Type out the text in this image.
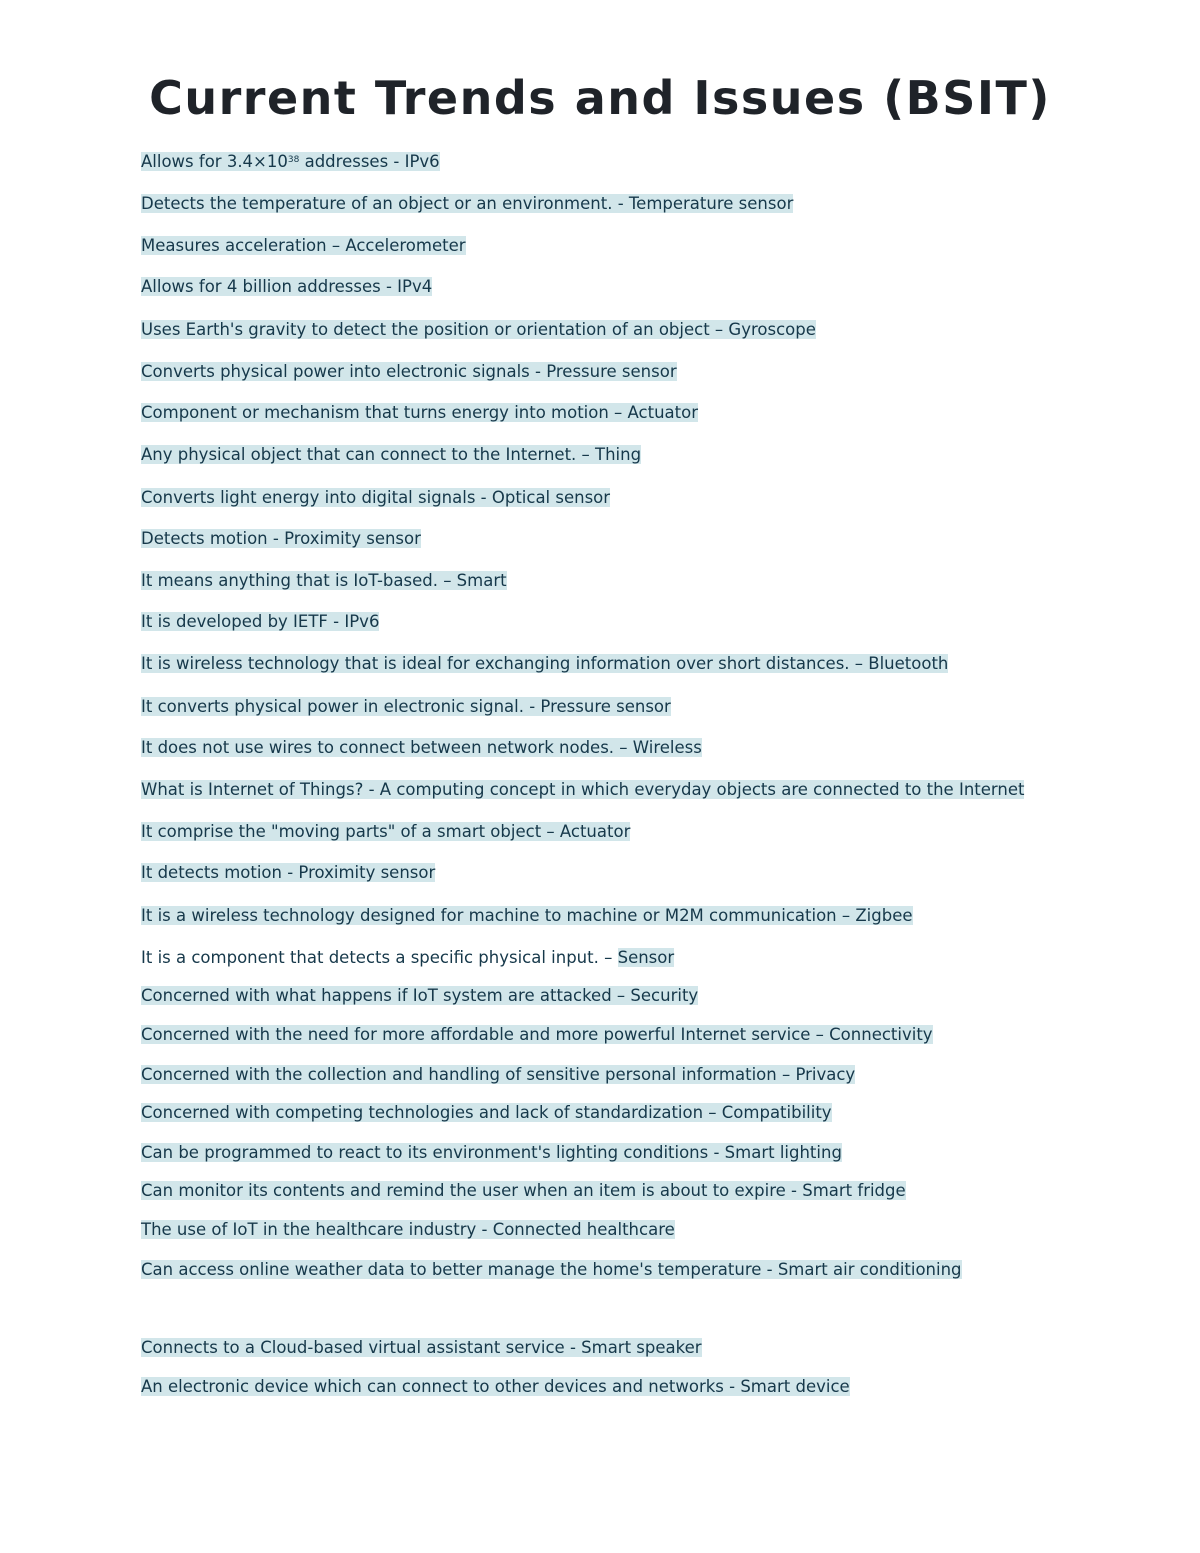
Current Trends and Issues (BSIT)
Allows for $3.4\times 10^{38}$ addresses - IPv6
Detects the temperature of an object or an environment. - Temperature sensor
Measures acceleration – Accelerometer
Allows for 4 billion addresses - IPv4
Uses Earth's gravity to detect the position or orientation of an object – Gyroscope
Converts physical power into electronic signals - Pressure sensor
Component or mechanism that turns energy into motion – Actuator
Any physical object that can connect to the Internet. – Thing
Converts light energy into digital signals - Optical sensor
Detects motion - Proximity sensor
It means anything that is IoT-based. – Smart
It is developed by IETF - IPv6
It is wireless technology that is ideal for exchanging information over short distances. – Bluetooth
It converts physical power in electronic signal. - Pressure sensor
It does not use wires to connect between network nodes. – Wireless
What is Internet of Things? - A computing concept in which everyday objects are connected to the Internet
It comprise the "moving parts" of a smart object – Actuator
It detects motion - Proximity sensor
It is a wireless technology designed for machine to machine or M2M communication – Zigbee
It is a component that detects a specific physical input. – Sensor
Concerned with what happens if IoT system are attacked – Security
Concerned with the need for more affordable and more powerful Internet service – Connectivity
Concerned with the collection and handling of sensitive personal information – Privacy
Concerned with competing technologies and lack of standardization – Compatibility
Can be programmed to react to its environment's lighting conditions - Smart lighting
Can monitor its contents and remind the user when an item is about to expire - Smart fridge
The use of IoT in the healthcare industry - Connected healthcare
Can access online weather data to better manage the home's temperature - Smart air conditioning
Connects to a Cloud-based virtual assistant service - Smart speaker
An electronic device which can connect to other devices and networks - Smart device
